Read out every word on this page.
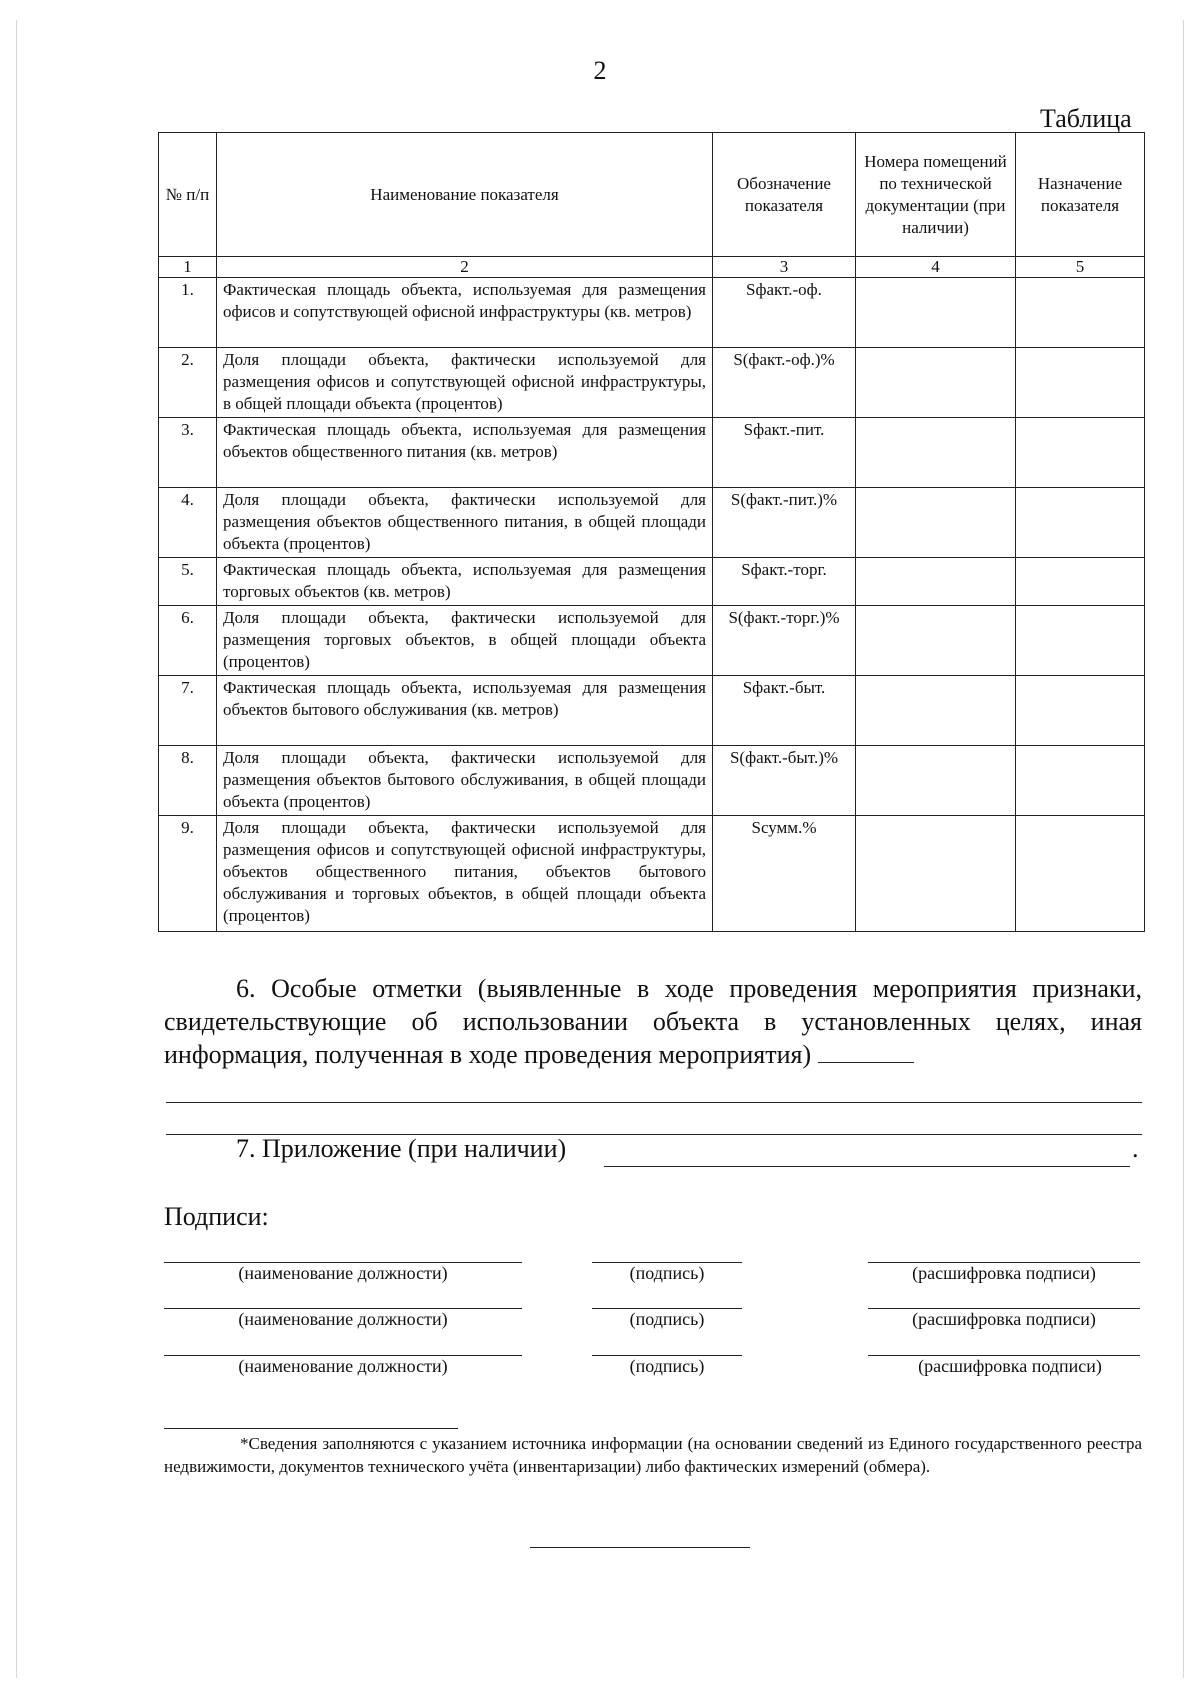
2
Таблица
№ п/п	Наименование показателя	Обозначение показателя	Номера помещений по технической документации (при наличии)	Назначение показателя
1	2	3	4	5
1.	Фактическая площадь объекта, используемая для размещения офисов и сопутствующей офисной инфраструктуры (кв. метров)	Sфакт.-оф.		
2.	Доля площади объекта, фактически используемой для размещения офисов и сопутствующей офисной инфраструктуры, в общей площади объекта (процентов)	S(факт.-оф.)%		
3.	Фактическая площадь объекта, используемая для размещения объектов общественного питания (кв. метров)	Sфакт.-пит.		
4.	Доля площади объекта, фактически используемой для размещения объектов общественного питания, в общей площади объекта (процентов)	S(факт.-пит.)%		
5.	Фактическая площадь объекта, используемая для размещения торговых объектов (кв. метров)	Sфакт.-торг.		
6.	Доля площади объекта, фактически используемой для размещения торговых объектов, в общей площади объекта (процентов)	S(факт.-торг.)%		
7.	Фактическая площадь объекта, используемая для размещения объектов бытового обслуживания (кв. метров)	Sфакт.-быт.		
8.	Доля площади объекта, фактически используемой для размещения объектов бытового обслуживания, в общей площади объекта (процентов)	S(факт.-быт.)%		
9.	Доля площади объекта, фактически используемой для размещения офисов и сопутствующей офисной инфраструктуры, объектов общественного питания, объектов бытового обслуживания и торговых объектов, в общей площади объекта (процентов)	Sсумм.%		
6. Особые отметки (выявленные в ходе проведения мероприятия признаки, свидетельствующие об использовании объекта в установленных целях, иная информация, полученная в ходе проведения мероприятия)
7. Приложение (при наличии)	.
Подписи:
(наименование должности)	(подпись)	(расшифровка подписи)
(наименование должности)	(подпись)	(расшифровка подписи)
(наименование должности)	(подпись)	(расшифровка подписи)
*Сведения заполняются с указанием источника информации (на основании сведений из Единого государственного реестра недвижимости, документов технического учёта (инвентаризации) либо фактических измерений (обмера).
